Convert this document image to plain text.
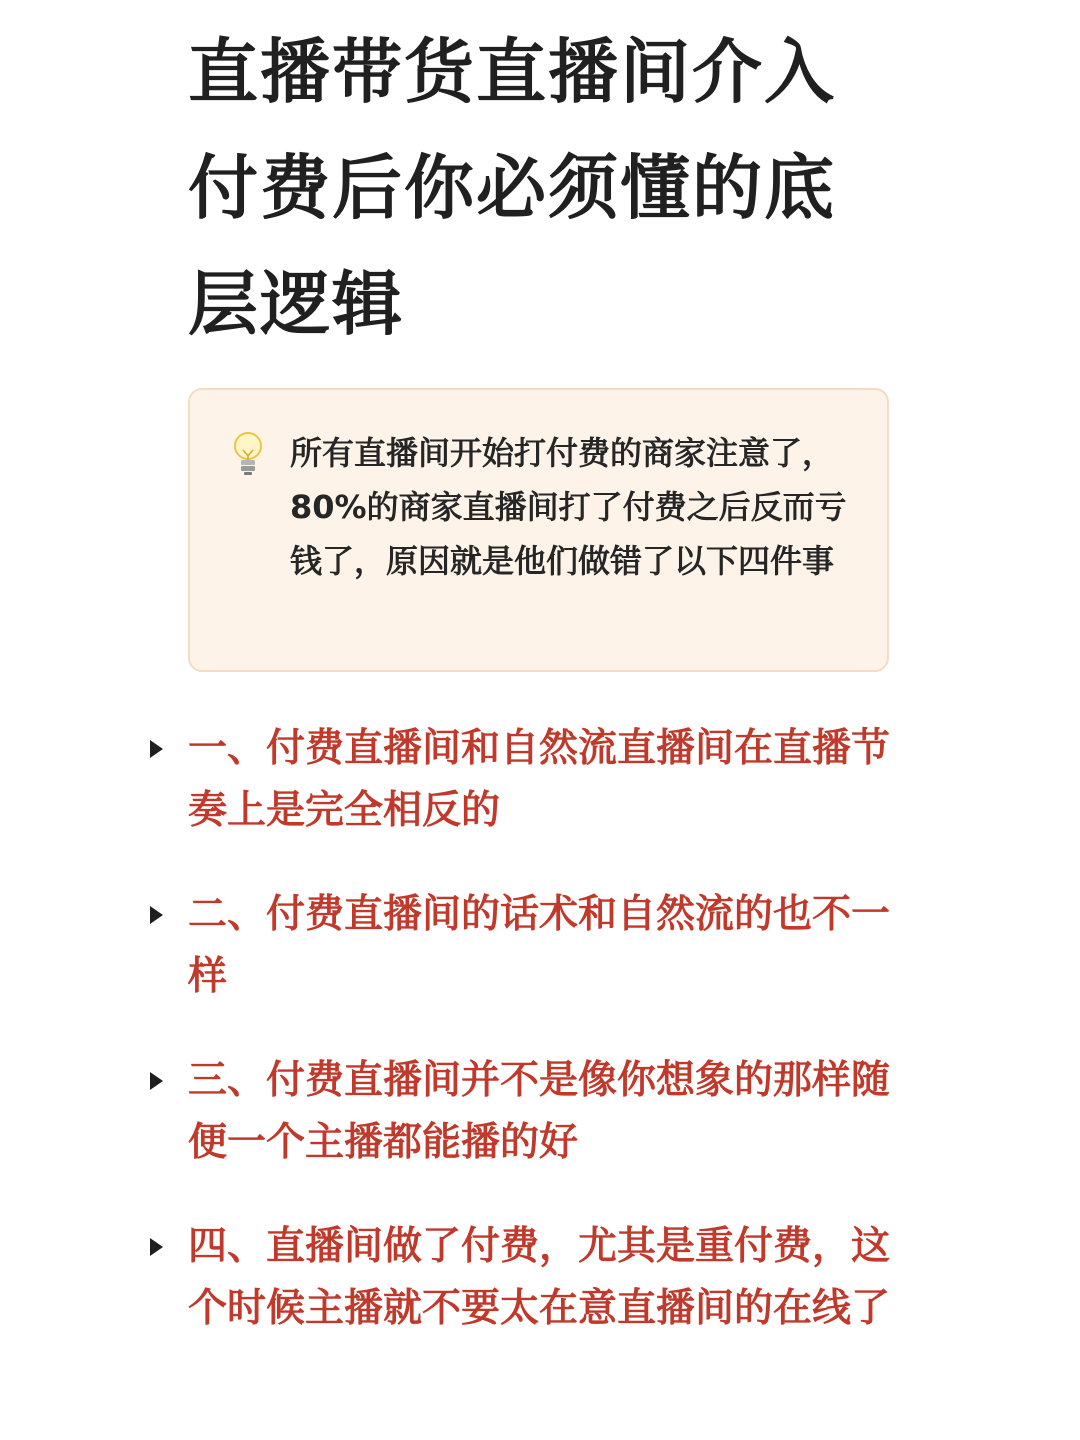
直播带货直播间介入付费后你必须懂的底层逻辑
所有直播间开始打付费的商家注意了，80%的商家直播间打了付费之后反而亏钱了，原因就是他们做错了以下四件事
一、付费直播间和自然流直播间在直播节奏上是完全相反的
二、付费直播间的话术和自然流的也不一样
三、付费直播间并不是像你想象的那样随便一个主播都能播的好
四、直播间做了付费，尤其是重付费，这个时候主播就不要太在意直播间的在线了
